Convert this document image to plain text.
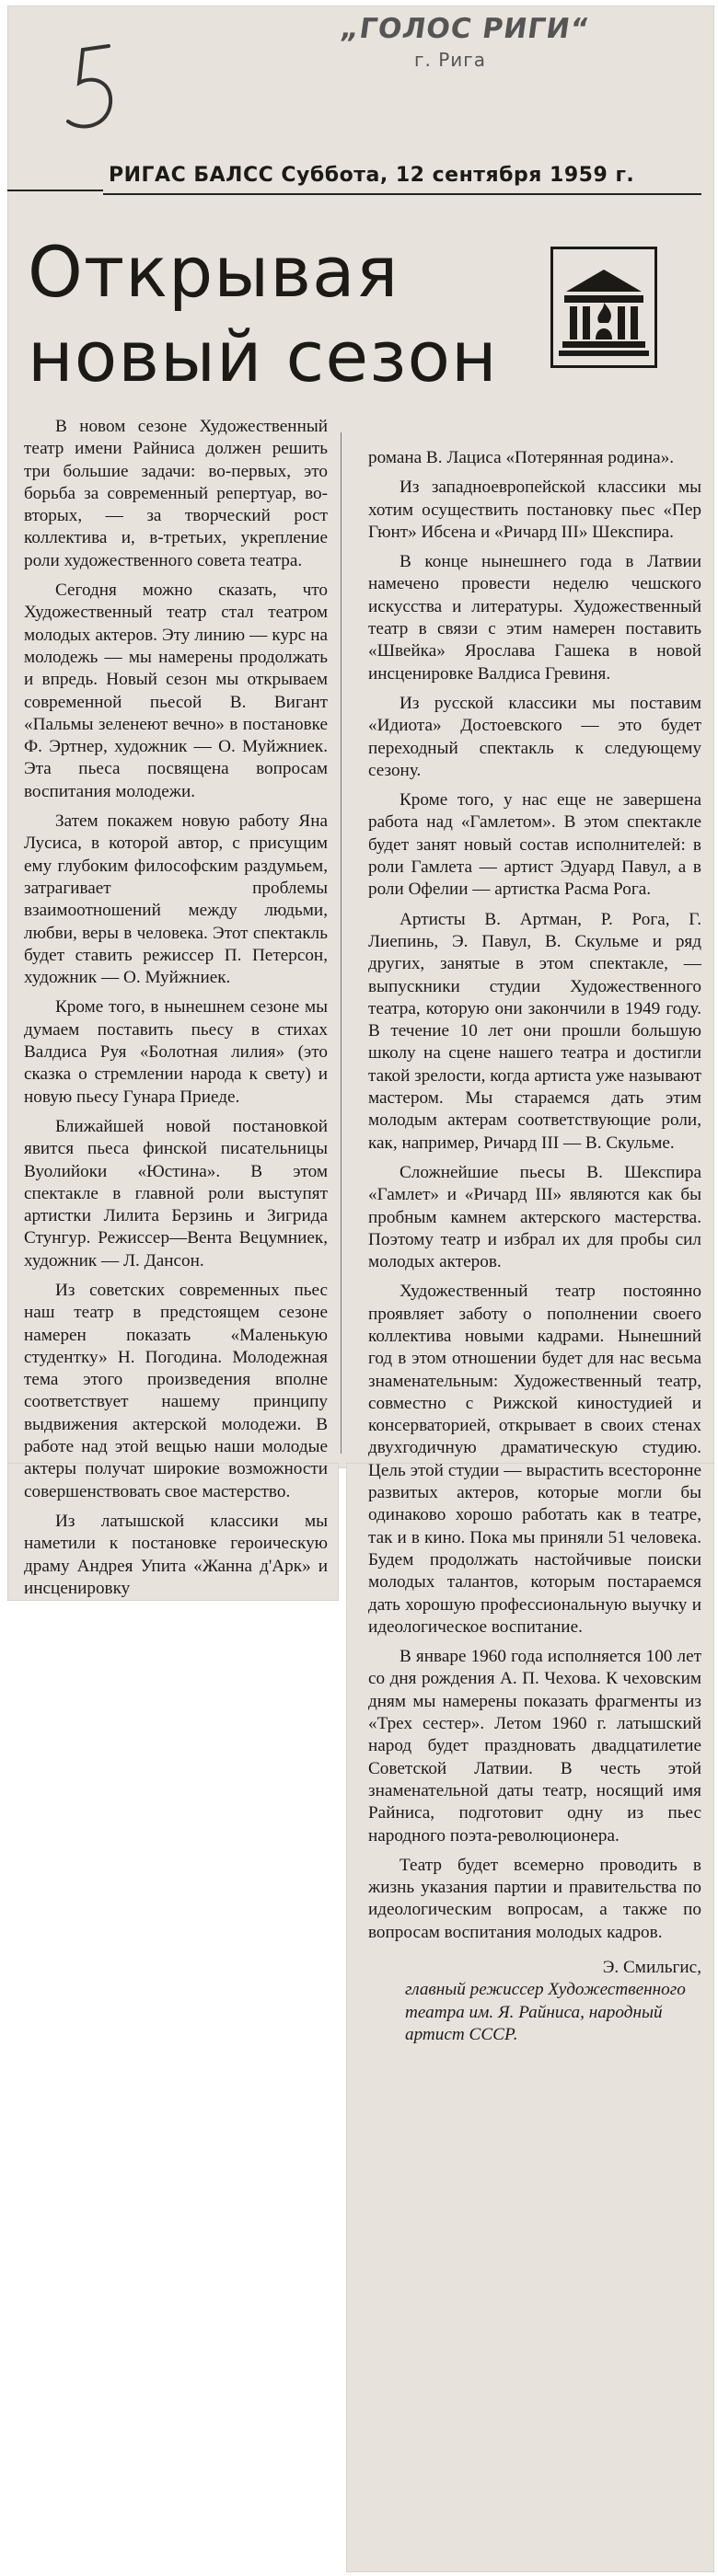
„ГОЛОС РИГИ“
г. Рига
РИГАС БАЛСС Суббота, 12 сентября 1959 г.
Открывая
новый сезон

В новом сезоне Художественный театр имени Райниса должен решить три большие задачи: во-первых, это борьба за современный репертуар, во-вторых, — за творческий рост коллектива и, в-третьих, укрепление роли художественного совета театра.

Сегодня можно сказать, что Художественный театр стал театром молодых актеров. Эту линию — курс на молодежь — мы намерены продолжать и впредь. Новый сезон мы открываем современной пьесой В. Вигант «Пальмы зеленеют вечно» в постановке Ф. Эртнер, художник — О. Муйжниек. Эта пьеса посвящена вопросам воспитания молодежи.

Затем покажем новую работу Яна Лусиса, в которой автор, с присущим ему глубоким философским раздумьем, затрагивает проблемы взаимоотношений между людьми, любви, веры в человека. Этот спектакль будет ставить режиссер П. Петерсон, художник — О. Муйжниек.

Кроме того, в нынешнем сезоне мы думаем поставить пьесу в стихах Валдиса Руя «Болотная лилия» (это сказка о стремлении народа к свету) и новую пьесу Гунара Приеде.

Ближайшей новой постановкой явится пьеса финской писательницы Вуолийоки «Юстина». В этом спектакле в главной роли выступят артистки Лилита Берзинь и Зигрида Стунгур. Режиссер—Вента Вецумниек, художник — Л. Дансон.

Из советских современных пьес наш театр в предстоящем сезоне намерен показать «Маленькую студентку» Н. Погодина. Молодежная тема этого произведения вполне соответствует нашему принципу выдвижения актерской молодежи. В работе над этой вещью наши молодые актеры получат широкие возможности совершенствовать свое мастерство.

Из латышской классики мы наметили к постановке героическую драму Андрея Упита «Жанна д'Арк» и инсценировку

романа В. Лациса «Потерянная родина».

Из западноевропейской классики мы хотим осуществить постановку пьес «Пер Гюнт» Ибсена и «Ричард III» Шекспира.

В конце нынешнего года в Латвии намечено провести неделю чешского искусства и литературы. Художественный театр в связи с этим намерен поставить «Швейка» Ярослава Гашека в новой инсценировке Валдиса Гревиня.

Из русской классики мы поставим «Идиота» Достоевского — это будет переходный спектакль к следующему сезону.

Кроме того, у нас еще не завершена работа над «Гамлетом». В этом спектакле будет занят новый состав исполнителей: в роли Гамлета — артист Эдуард Павул, а в роли Офелии — артистка Расма Рога.

Артисты В. Артман, Р. Рога, Г. Лиепинь, Э. Павул, В. Скульме и ряд других, занятые в этом спектакле, — выпускники студии Художественного театра, которую они закончили в 1949 году. В течение 10 лет они прошли большую школу на сцене нашего театра и достигли такой зрелости, когда артиста уже называют мастером. Мы стараемся дать этим молодым актерам соответствующие роли, как, например, Ричард III — В. Скульме.

Сложнейшие пьесы В. Шекспира «Гамлет» и «Ричард III» являются как бы пробным камнем актерского мастерства. Поэтому театр и избрал их для пробы сил молодых актеров.

Художественный театр постоянно проявляет заботу о пополнении своего коллектива новыми кадрами. Нынешний год в этом отношении будет для нас весьма знаменательным: Художественный театр, совместно с Рижской киностудией и консерваторией, открывает в своих стенах двухгодичную драматическую студию. Цель этой студии — вырастить всесторонне развитых актеров, которые могли бы одинаково хорошо работать как в театре, так и в кино. Пока мы приняли 51 человека. Будем продолжать настойчивые поиски молодых талантов, которым постараемся дать хорошую профессиональную выучку и идеологическое воспитание.

В январе 1960 года исполняется 100 лет со дня рождения А. П. Чехова. К чеховским дням мы намерены показать фрагменты из «Трех сестер». Летом 1960 г. латышский народ будет праздновать двадцатилетие Советской Латвии. В честь этой знаменательной даты театр, носящий имя Райниса, подготовит одну из пьес народного поэта-революционера.

Театр будет всемерно проводить в жизнь указания партии и правительства по идеологическим вопросам, а также по вопросам воспитания молодых кадров.

Э. Смильгис,

главный режиссер Художественного театра им. Я. Райниса, народный артист СССР.
